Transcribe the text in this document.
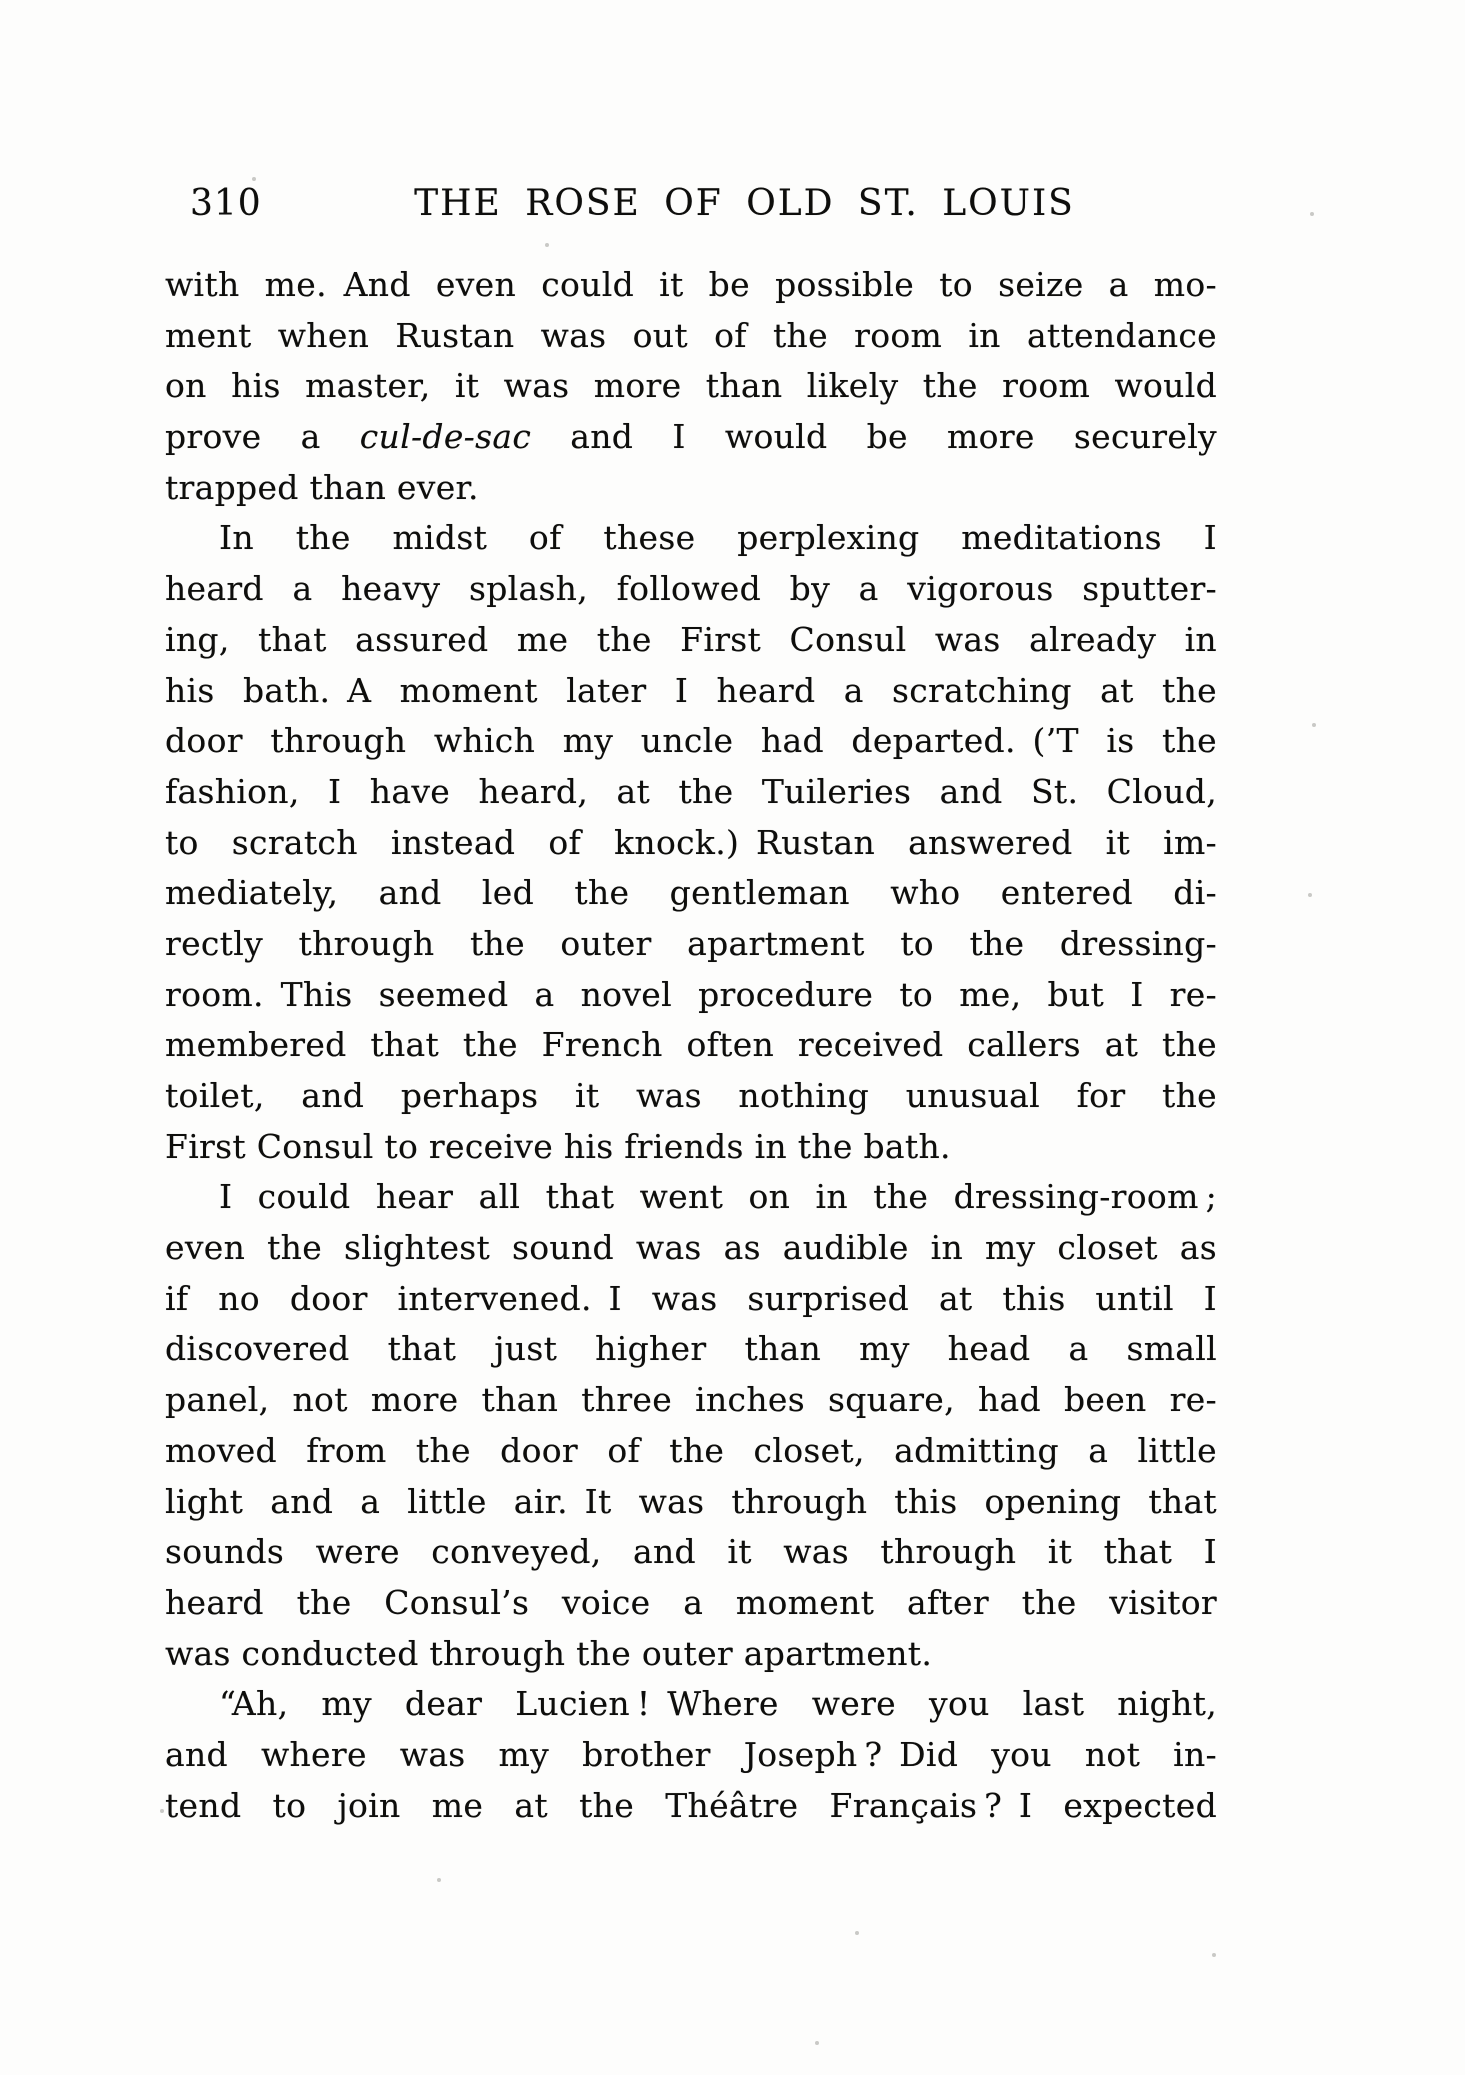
310	THE ROSE OF OLD ST. LOUIS
with me. And even could it be possible to seize a mo-
ment when Rustan was out of the room in attendance
on his master, it was more than likely the room would
prove a cul-de-sac and I would be more securely
trapped than ever.
In the midst of these perplexing meditations I
heard a heavy splash, followed by a vigorous sputter-
ing, that assured me the First Consul was already in
his bath. A moment later I heard a scratching at the
door through which my uncle had departed. (’T is the
fashion, I have heard, at the Tuileries and St. Cloud,
to scratch instead of knock.) Rustan answered it im-
mediately, and led the gentleman who entered di-
rectly through the outer apartment to the dressing-
room. This seemed a novel procedure to me, but I re-
membered that the French often received callers at the
toilet, and perhaps it was nothing unusual for the
First Consul to receive his friends in the bath.
I could hear all that went on in the dressing-room ;
even the slightest sound was as audible in my closet as
if no door intervened. I was surprised at this until I
discovered that just higher than my head a small
panel, not more than three inches square, had been re-
moved from the door of the closet, admitting a little
light and a little air. It was through this opening that
sounds were conveyed, and it was through it that I
heard the Consul’s voice a moment after the visitor
was conducted through the outer apartment.
“Ah, my dear Lucien ! Where were you last night,
and where was my brother Joseph ? Did you not in-
tend to join me at the Théâtre Français ? I expected
